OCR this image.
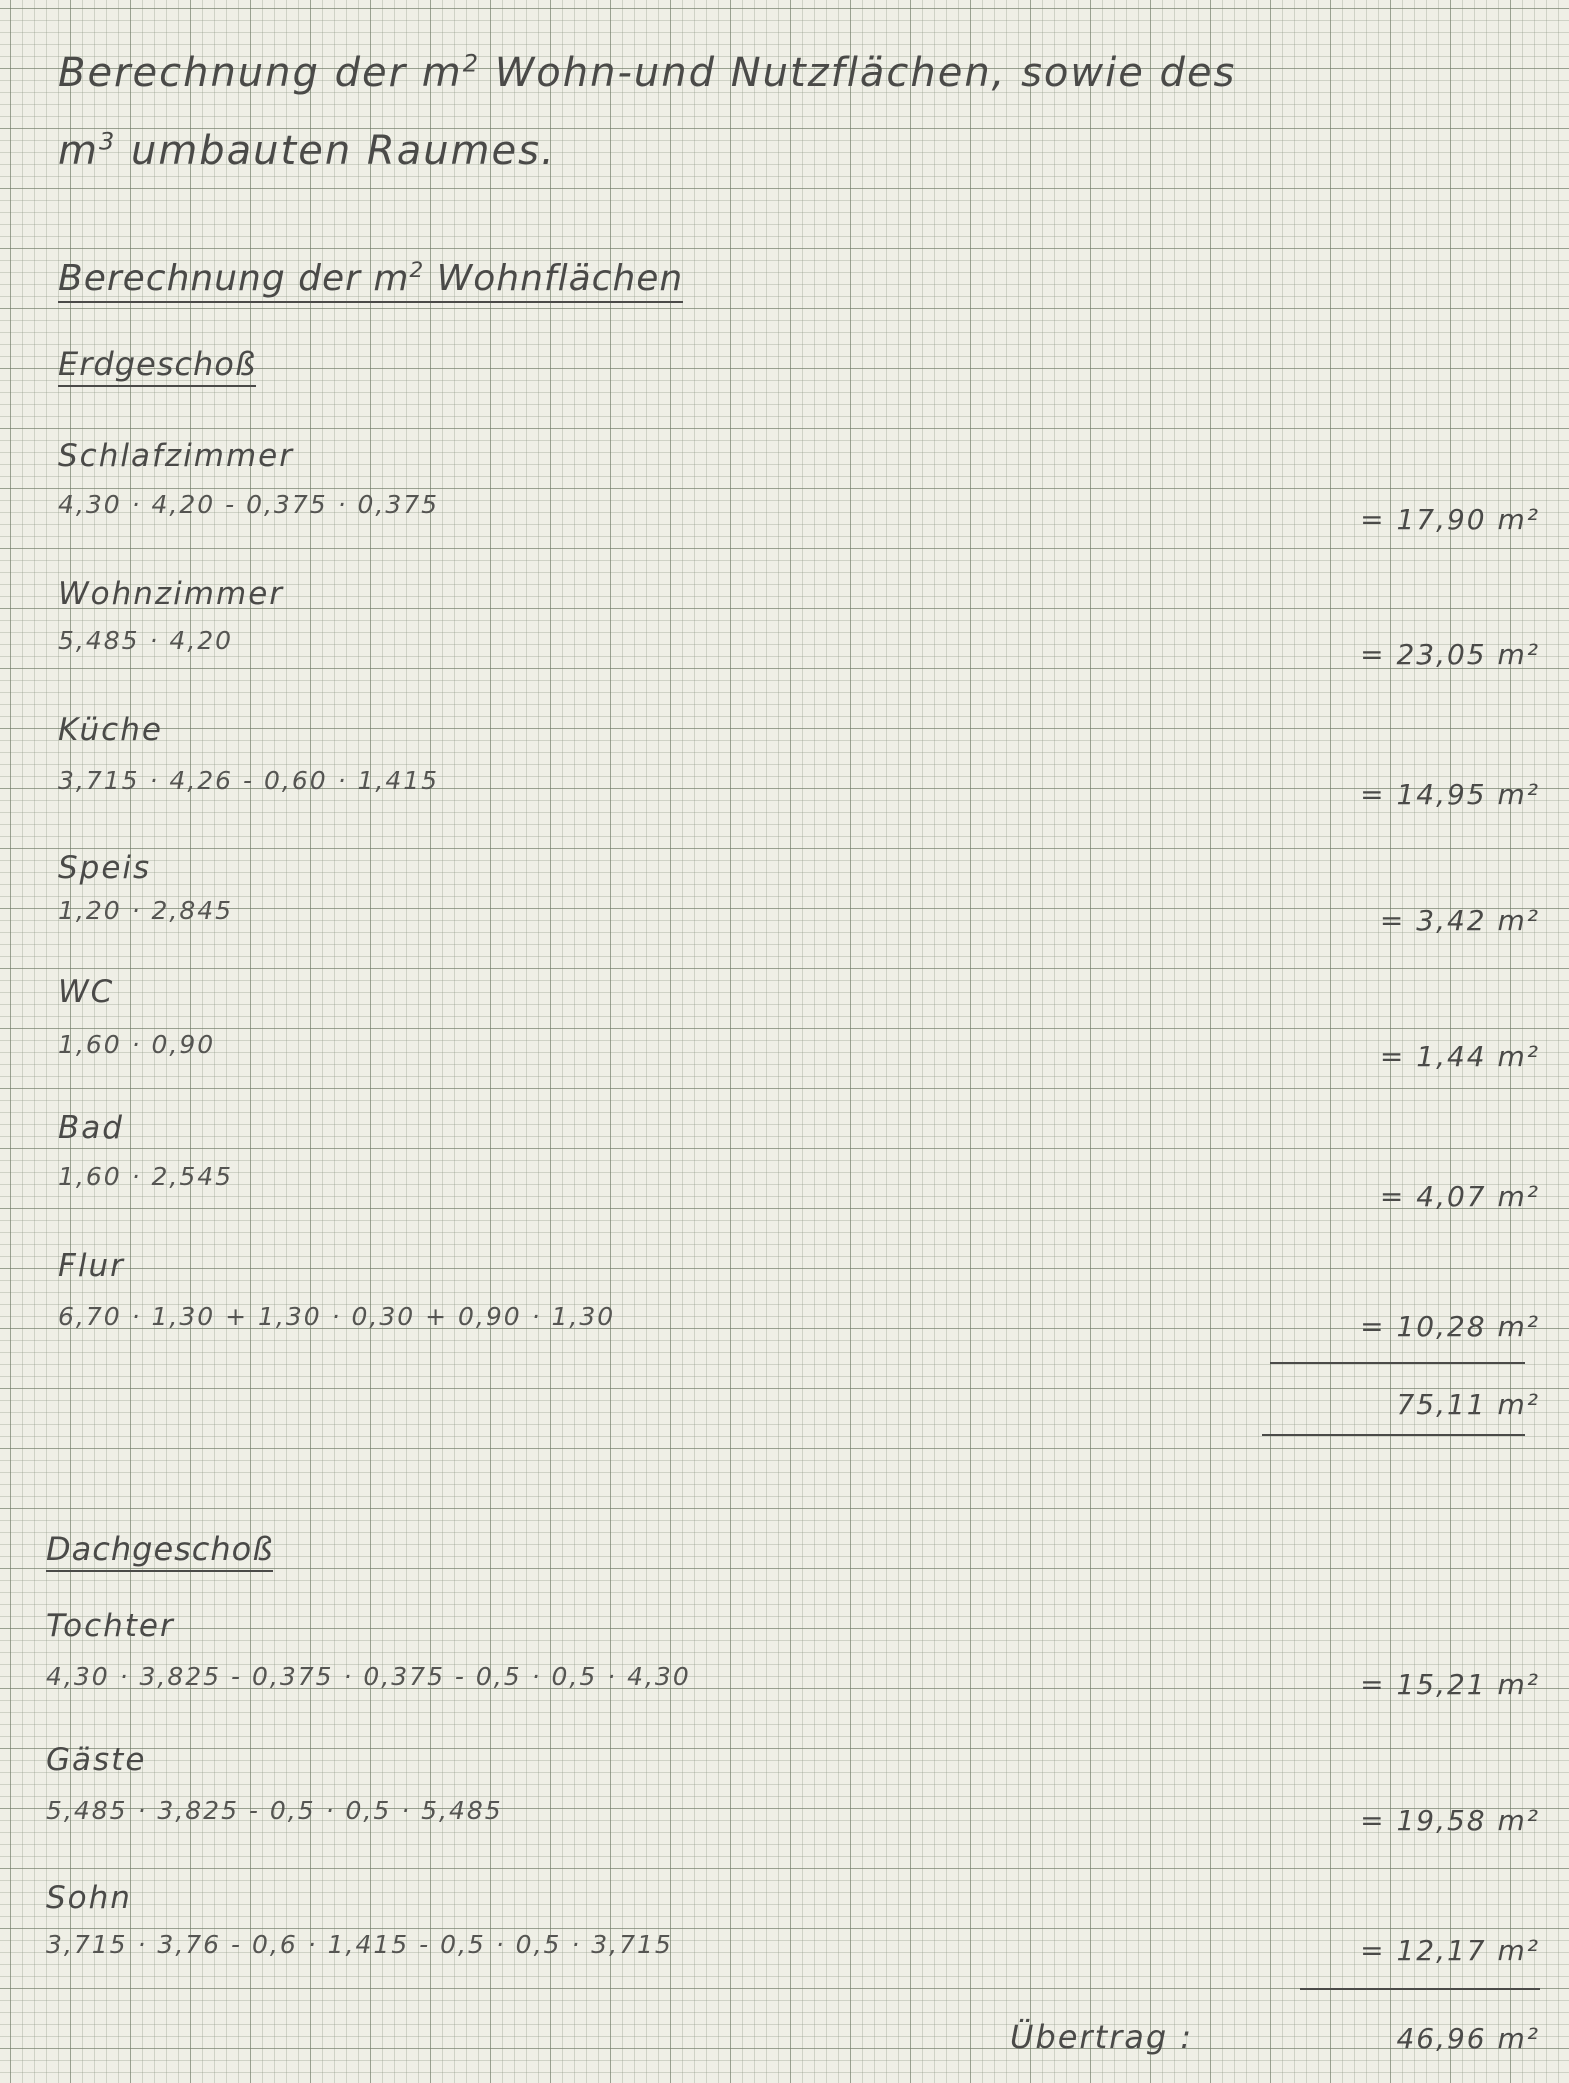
Berechnung der $m^2$ Wohn-und Nutzflächen, sowie des
$m^3$ umbauten Raumes.
Berechnung der $m^2$ Wohnflächen
Erdgeschoß
Schlafzimmer
4,30 · 4,20 - 0,375 · 0,375	= 17,90 m²
Wohnzimmer
5,485 · 4,20	= 23,05 m²
Küche
3,715 · 4,26 - 0,60 · 1,415	= 14,95 m²
Speis
1,20 · 2,845	= 3,42 m²
WC
1,60 · 0,90	= 1,44 m²
Bad
1,60 · 2,545
= 4,07 m²
Flur
6,70 · 1,30 + 1,30 · 0,30 + 0,90 · 1,30	= 10,28 m²
75,11 m²
Dachgeschoß
Tochter
4,30 · 3,825 - 0,375 · 0,375 - 0,5 · 0,5 · 4,30	= 15,21 m²
Gäste
5,485 · 3,825 - 0,5 · 0,5 · 5,485	= 19,58 m²
Sohn
3,715 · 3,76 - 0,6 · 1,415 - 0,5 · 0,5 · 3,715	= 12,17 m²
Übertrag :	46,96 m²
